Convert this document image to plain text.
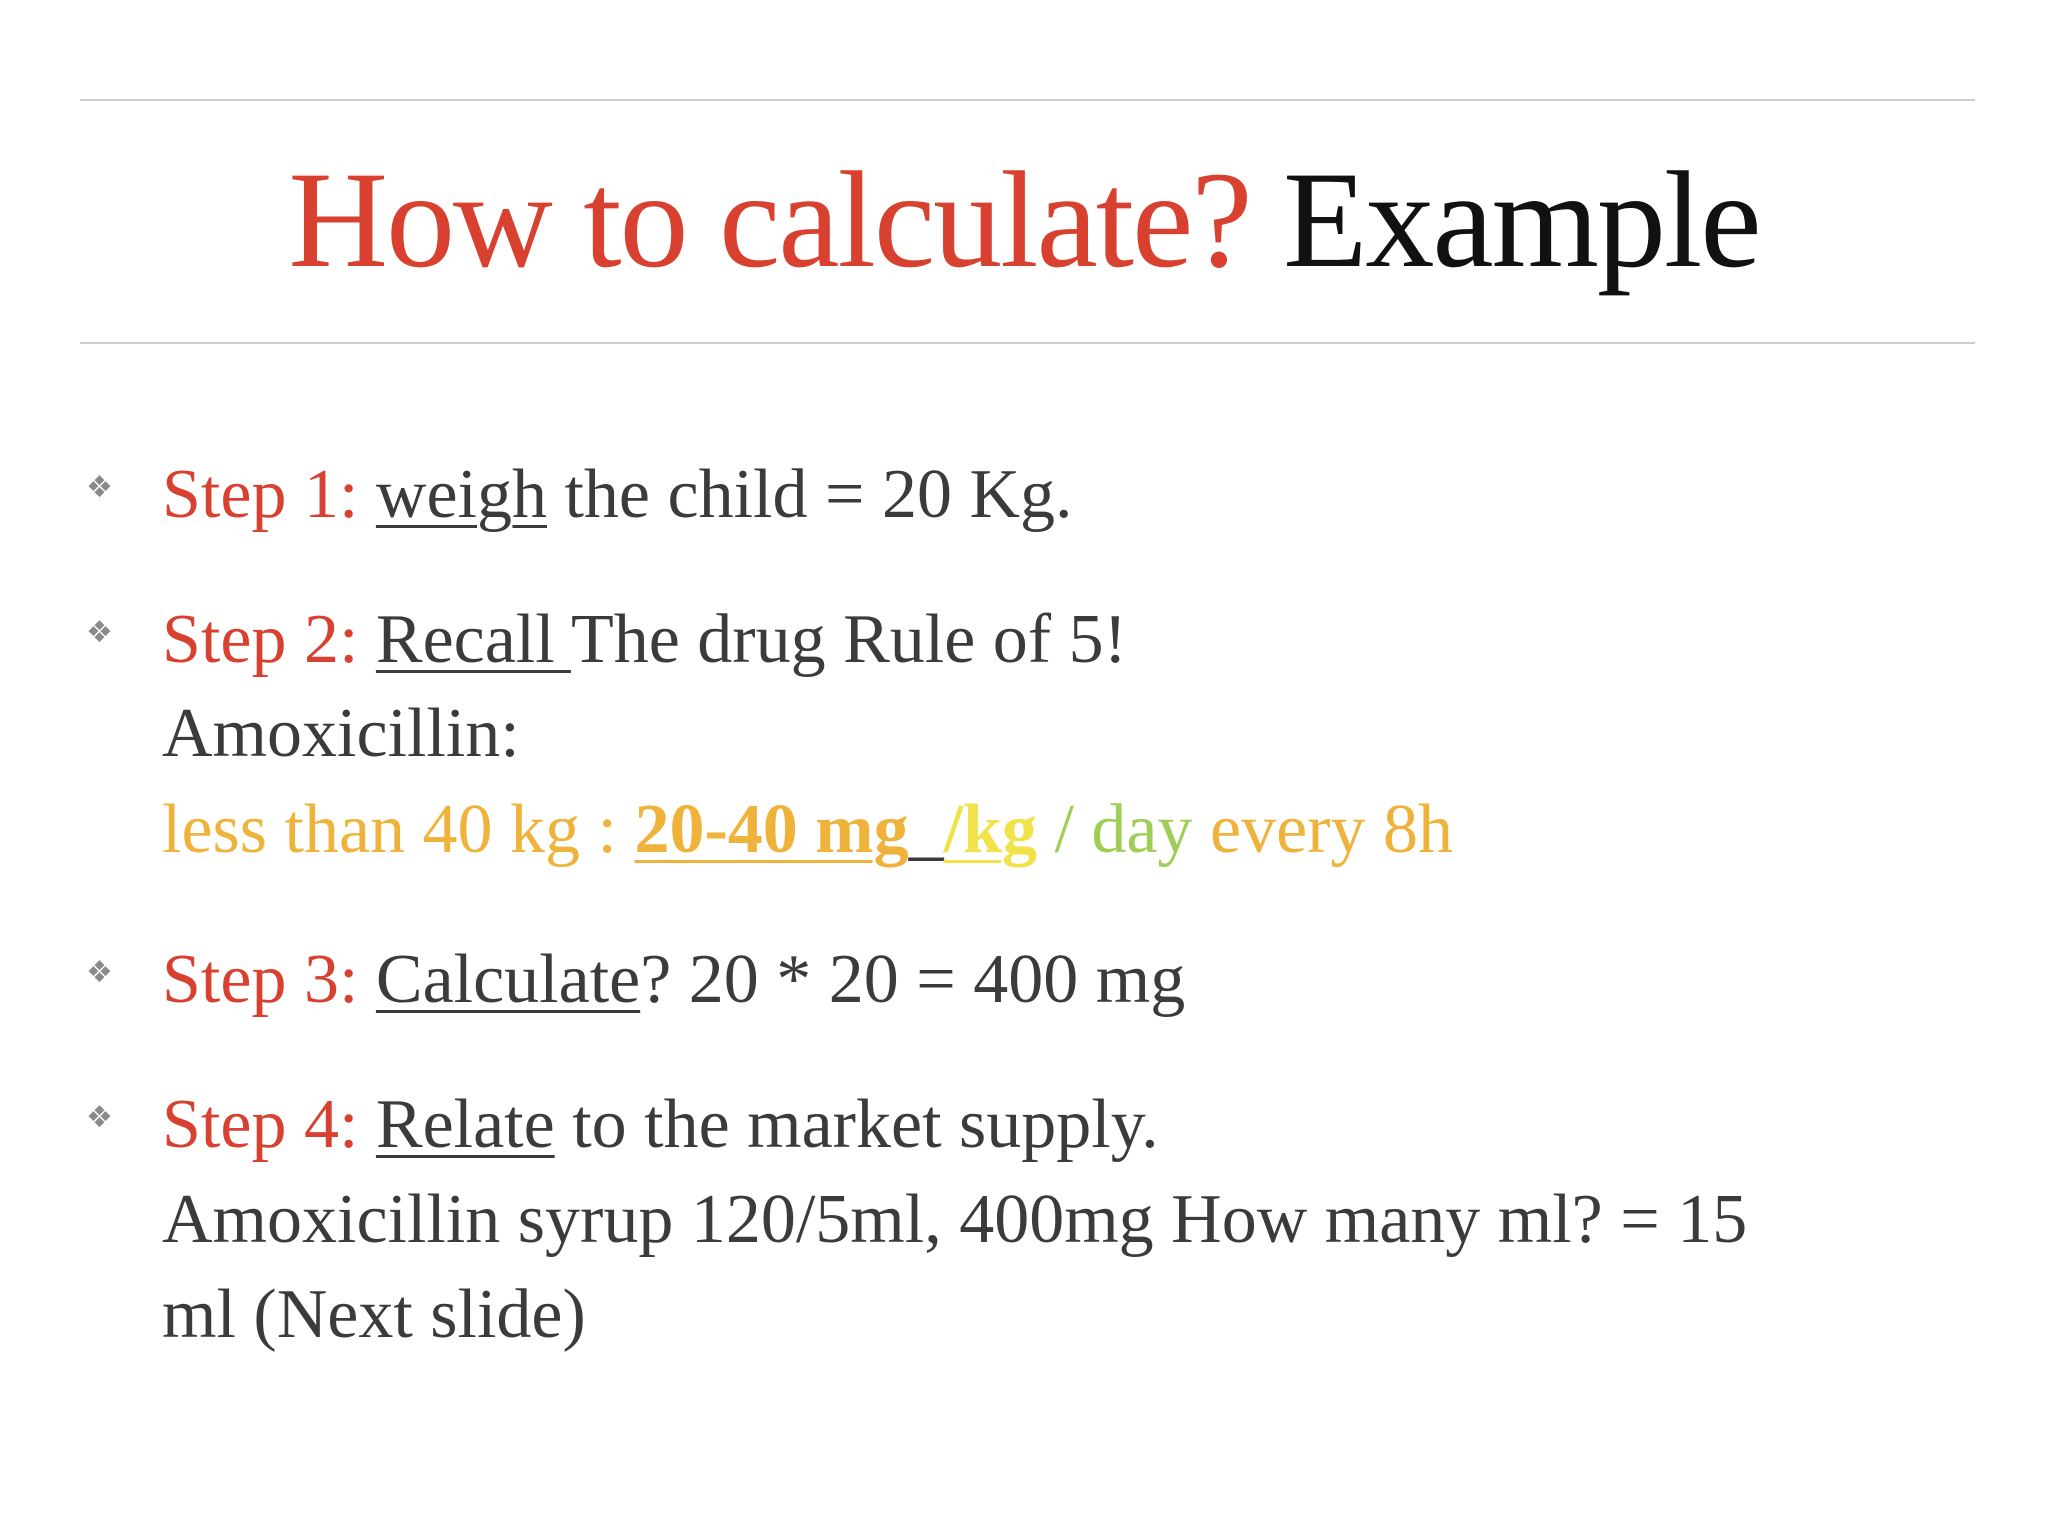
How to calculate? Example
❖ Step 1: weigh the child = 20 Kg.
❖ Step 2: Recall The drug Rule of 5!
Amoxicillin:
less than 40 kg : 20-40 mg_/kg / day every 8h
❖ Step 3: Calculate? 20 * 20 = 400 mg
❖ Step 4: Relate to the market supply.
Amoxicillin syrup 120/5ml, 400mg How many ml? = 15
ml (Next slide)
